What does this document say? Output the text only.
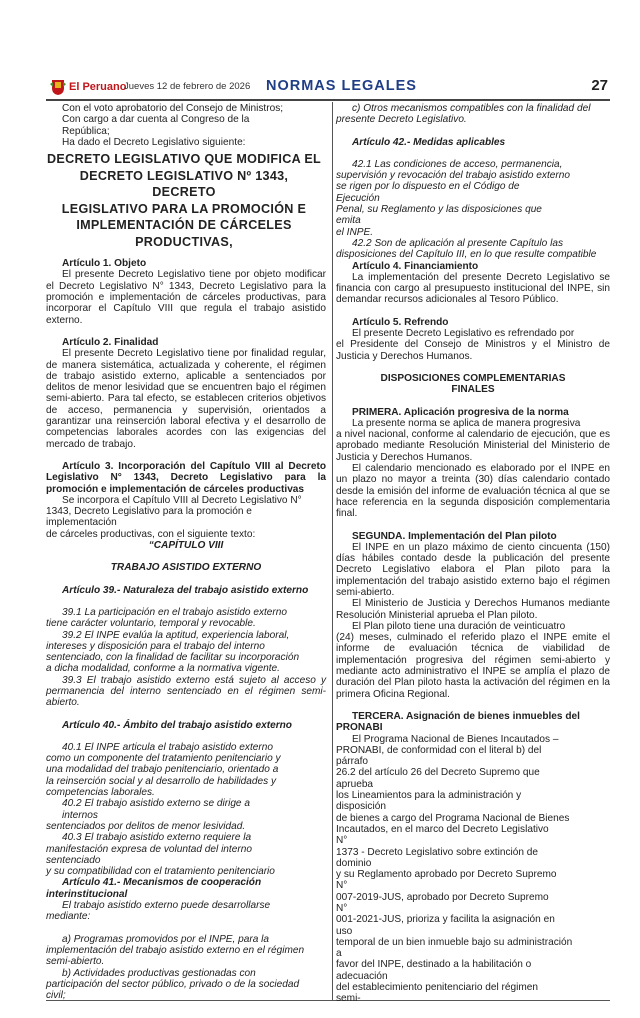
El Peruano
Jueves 12 de febrero de 2026 NORMAS LEGALES	27

Con el voto aprobatorio del Consejo de Ministros;

Con cargo a dar cuenta al Congreso de la

República;

Ha dado el Decreto Legislativo siguiente:

DECRETO LEGISLATIVO QUE MODIFICA EL
DECRETO LEGISLATIVO Nº 1343,
DECRETO
LEGISLATIVO PARA LA PROMOCIÓN E
IMPLEMENTACIÓN DE CÁRCELES
PRODUCTIVAS,

Artículo 1. Objeto

El presente Decreto Legislativo tiene por objeto modificar el Decreto Legislativo N° 1343, Decreto Legislativo para la promoción e implementación de cárceles productivas, para incorporar el Capítulo VIII que regula el trabajo asistido externo.

Artículo 2. Finalidad

El presente Decreto Legislativo tiene por finalidad regular, de manera sistemática, actualizada y coherente, el régimen de trabajo asistido externo, aplicable a sentenciados por delitos de menor lesividad que se encuentren bajo el régimen semi-abierto. Para tal efecto, se establecen criterios objetivos de acceso, permanencia y supervisión, orientados a garantizar una reinserción laboral efectiva y el desarrollo de competencias laborales acordes con las exigencias del mercado de trabajo.

Artículo 3. Incorporación del Capítulo VIII al Decreto Legislativo N° 1343, Decreto Legislativo para la promoción e implementación de cárceles productivas

Se incorpora el Capítulo VIII al Decreto Legislativo N°

1343, Decreto Legislativo para la promoción e

implementación

de cárceles productivas, con el siguiente texto:

“CAPÍTULO VIII

TRABAJO ASISTIDO EXTERNO

Artículo 39.- Naturaleza del trabajo asistido externo

39.1 La participación en el trabajo asistido externo

tiene carácter voluntario, temporal y revocable.

39.2 El INPE evalúa la aptitud, experiencia laboral,

intereses y disposición para el trabajo del interno

sentenciado, con la finalidad de facilitar su incorporación

a dicha modalidad, conforme a la normativa vigente.

39.3 El trabajo asistido externo está sujeto al acceso y permanencia del interno sentenciado en el régimen semi-abierto.

Artículo 40.- Ámbito del trabajo asistido externo

40.1 El INPE articula el trabajo asistido externo

como un componente del tratamiento penitenciario y

una modalidad del trabajo penitenciario, orientado a

la reinserción social y al desarrollo de habilidades y

competencias laborales.

40.2 El trabajo asistido externo se dirige a

internos

sentenciados por delitos de menor lesividad.

40.3 El trabajo asistido externo requiere la

manifestación expresa de voluntad del interno

sentenciado

y su compatibilidad con el tratamiento penitenciario

Artículo 41.- Mecanismos de cooperación

interinstitucional

El trabajo asistido externo puede desarrollarse

mediante:

a) Programas promovidos por el INPE, para la

implementación del trabajo asistido externo en el régimen

semi-abierto.

b) Actividades productivas gestionadas con

participación del sector público, privado o de la sociedad

civil;

c) Otros mecanismos compatibles con la finalidad del

presente Decreto Legislativo.

Artículo 42.- Medidas aplicables

42.1 Las condiciones de acceso, permanencia,

supervisión y revocación del trabajo asistido externo

se rigen por lo dispuesto en el Código de

Ejecución

Penal, su Reglamento y las disposiciones que

emita

el INPE.

42.2 Son de aplicación al presente Capítulo las

disposiciones del Capítulo III, en lo que resulte compatible

Artículo 4. Financiamiento

La implementación del presente Decreto Legislativo se financia con cargo al presupuesto institucional del INPE, sin demandar recursos adicionales al Tesoro Público.

Artículo 5. Refrendo

El presente Decreto Legislativo es refrendado por

el Presidente del Consejo de Ministros y el Ministro de Justicia y Derechos Humanos.

DISPOSICIONES COMPLEMENTARIAS

FINALES

PRIMERA. Aplicación progresiva de la norma

La presente norma se aplica de manera progresiva

a nivel nacional, conforme al calendario de ejecución, que es aprobado mediante Resolución Ministerial del Ministerio de Justicia y Derechos Humanos.

El calendario mencionado es elaborado por el INPE en un plazo no mayor a treinta (30) días calendario contado desde la emisión del informe de evaluación técnica al que se hace referencia en la segunda disposición complementaria final.

SEGUNDA. Implementación del Plan piloto

El INPE en un plazo máximo de ciento cincuenta (150) días hábiles contado desde la publicación del presente Decreto Legislativo elabora el Plan piloto para la implementación del trabajo asistido externo bajo el régimen semi-abierto.

El Ministerio de Justicia y Derechos Humanos mediante Resolución Ministerial aprueba el Plan piloto.

El Plan piloto tiene una duración de veinticuatro

(24) meses, culminado el referido plazo el INPE emite el informe de evaluación técnica de viabilidad de implementación progresiva del régimen semi-abierto y mediante acto administrativo el INPE se amplía el plazo de duración del Plan piloto hasta la activación del régimen en la primera Oficina Regional.

TERCERA. Asignación de bienes inmuebles del PRONABI

El Programa Nacional de Bienes Incautados –

PRONABI, de conformidad con el literal b) del

párrafo

26.2 del artículo 26 del Decreto Supremo que

aprueba

los Lineamientos para la administración y

disposición

de bienes a cargo del Programa Nacional de Bienes

Incautados, en el marco del Decreto Legislativo

N°

1373 - Decreto Legislativo sobre extinción de

dominio

y su Reglamento aprobado por Decreto Supremo

N°

007-2019-JUS, aprobado por Decreto Supremo

N°

001-2021-JUS, prioriza y facilita la asignación en

uso

temporal de un bien inmueble bajo su administración

a

favor del INPE, destinado a la habilitación o

adecuación

del establecimiento penitenciario del régimen

semi-
